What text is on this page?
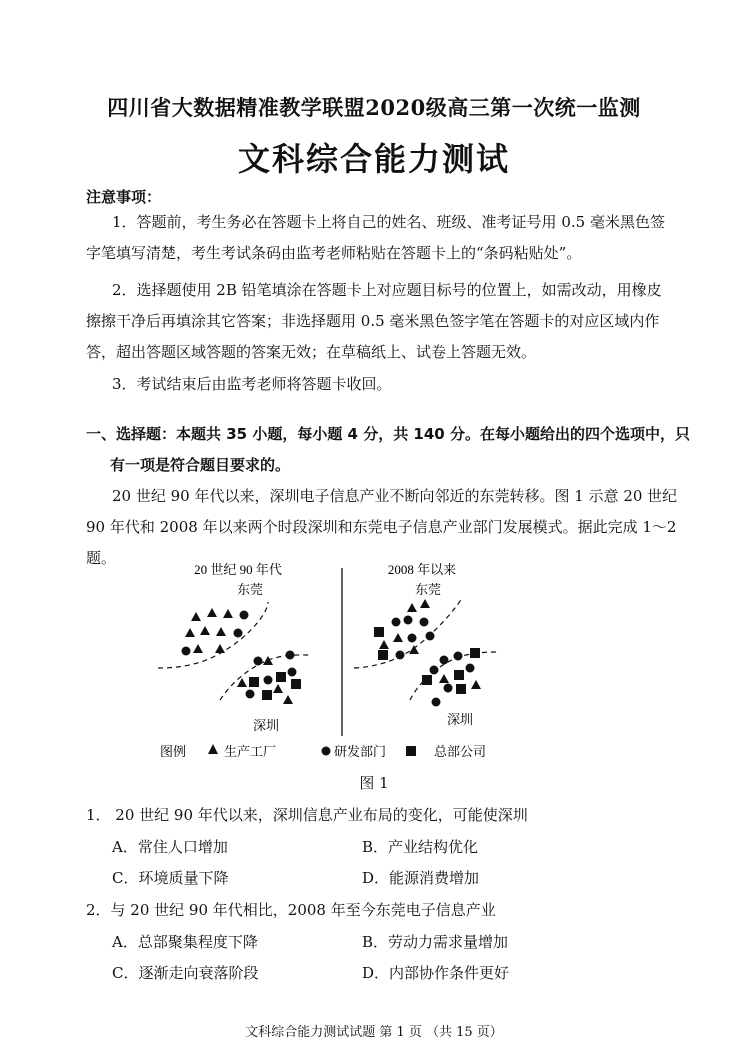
四川省大数据精准教学联盟2020级高三第一次统一监测
文科综合能力测试
注意事项：
1．答题前，考生务必在答题卡上将自己的姓名、班级、准考证号用 0.5 毫米黑色签
字笔填写清楚，考生考试条码由监考老师粘贴在答题卡上的“条码粘贴处”。
2．选择题使用 2B 铅笔填涂在答题卡上对应题目标号的位置上，如需改动，用橡皮
擦擦干净后再填涂其它答案；非选择题用 0.5 毫米黑色签字笔在答题卡的对应区域内作
答，超出答题区域答题的答案无效；在草稿纸上、试卷上答题无效。
3．考试结束后由监考老师将答题卡收回。
一、选择题：本题共 35 小题，每小题 4 分，共 140 分。在每小题给出的四个选项中，只
有一项是符合题目要求的。
20 世纪 90 年代以来，深圳电子信息产业不断向邻近的东莞转移。图 1 示意 20 世纪
90 年代和 2008 年以来两个时段深圳和东莞电子信息产业部门发展模式。据此完成 1～2
题。
20 世纪 90 年代
东莞
深圳
2008 年以来
东莞
深圳
图例	生产工厂	研发部门	总部公司
图 1
1． 20 世纪 90 年代以来，深圳信息产业布局的变化，可能使深圳
A．常住人口增加	B．产业结构优化
C．环境质量下降	D．能源消费增加
2．与 20 世纪 90 年代相比，2008 年至今东莞电子信息产业
A．总部聚集程度下降	B．劳动力需求量增加
C．逐渐走向衰落阶段	D．内部协作条件更好
文科综合能力测试试题 第 1 页 （共 15 页）
